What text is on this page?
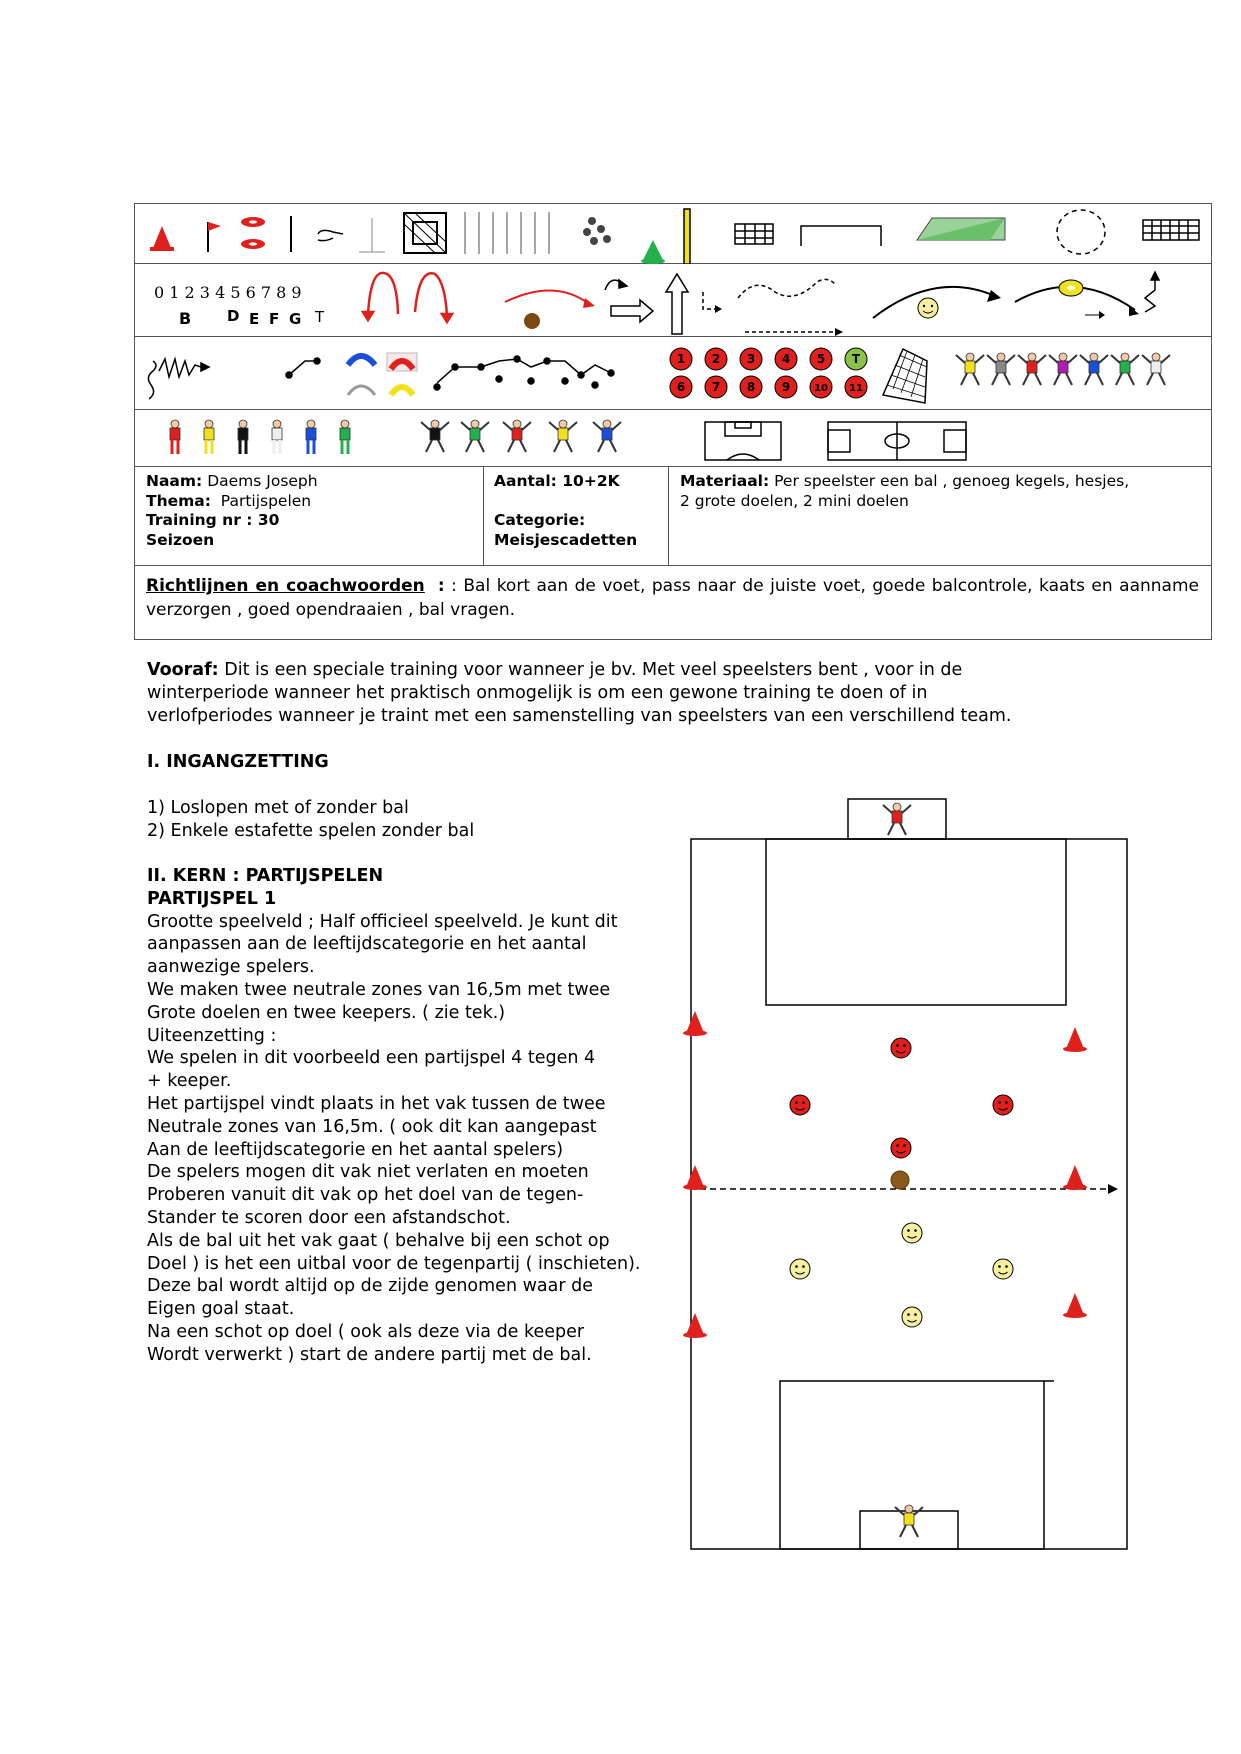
0 1 2 3 4 5 6 7 8 9
B D E F G T
1 2 3 4 5 T
6 7 8 9 10 11
Naam: Daems Joseph
Thema: Partijspelen
Training nr : 30
Seizoen
Aantal: 10+2K

Categorie:
Meisjescadetten
Materiaal: Per speelster een bal , genoeg kegels, hesjes,
2 grote doelen, 2 mini doelen
Richtlijnen en coachwoorden : : Bal kort aan de voet, pass naar de juiste voet, goede balcontrole, kaats en aanname verzorgen , goed opendraaien , bal vragen.
Vooraf: Dit is een speciale training voor wanneer je bv. Met veel speelsters bent , voor in de
winterperiode wanneer het praktisch onmogelijk is om een gewone training te doen of in
verlofperiodes wanneer je traint met een samenstelling van speelsters van een verschillend team.
I. INGANGZETTING
1) Loslopen met of zonder bal
2) Enkele estafette spelen zonder bal
II. KERN : PARTIJSPELEN
PARTIJSPEL 1
Grootte speelveld ; Half officieel speelveld. Je kunt dit
aanpassen aan de leeftijdscategorie en het aantal
aanwezige spelers.
We maken twee neutrale zones van 16,5m met twee
Grote doelen en twee keepers. ( zie tek.)
Uiteenzetting :
We spelen in dit voorbeeld een partijspel 4 tegen 4
+ keeper.
Het partijspel vindt plaats in het vak tussen de twee
Neutrale zones van 16,5m. ( ook dit kan aangepast
Aan de leeftijdscategorie en het aantal spelers)
De spelers mogen dit vak niet verlaten en moeten
Proberen vanuit dit vak op het doel van de tegen-
Stander te scoren door een afstandschot.
Als de bal uit het vak gaat ( behalve bij een schot op
Doel ) is het een uitbal voor de tegenpartij ( inschieten).
Deze bal wordt altijd op de zijde genomen waar de
Eigen goal staat.
Na een schot op doel ( ook als deze via de keeper
Wordt verwerkt ) start de andere partij met de bal.
